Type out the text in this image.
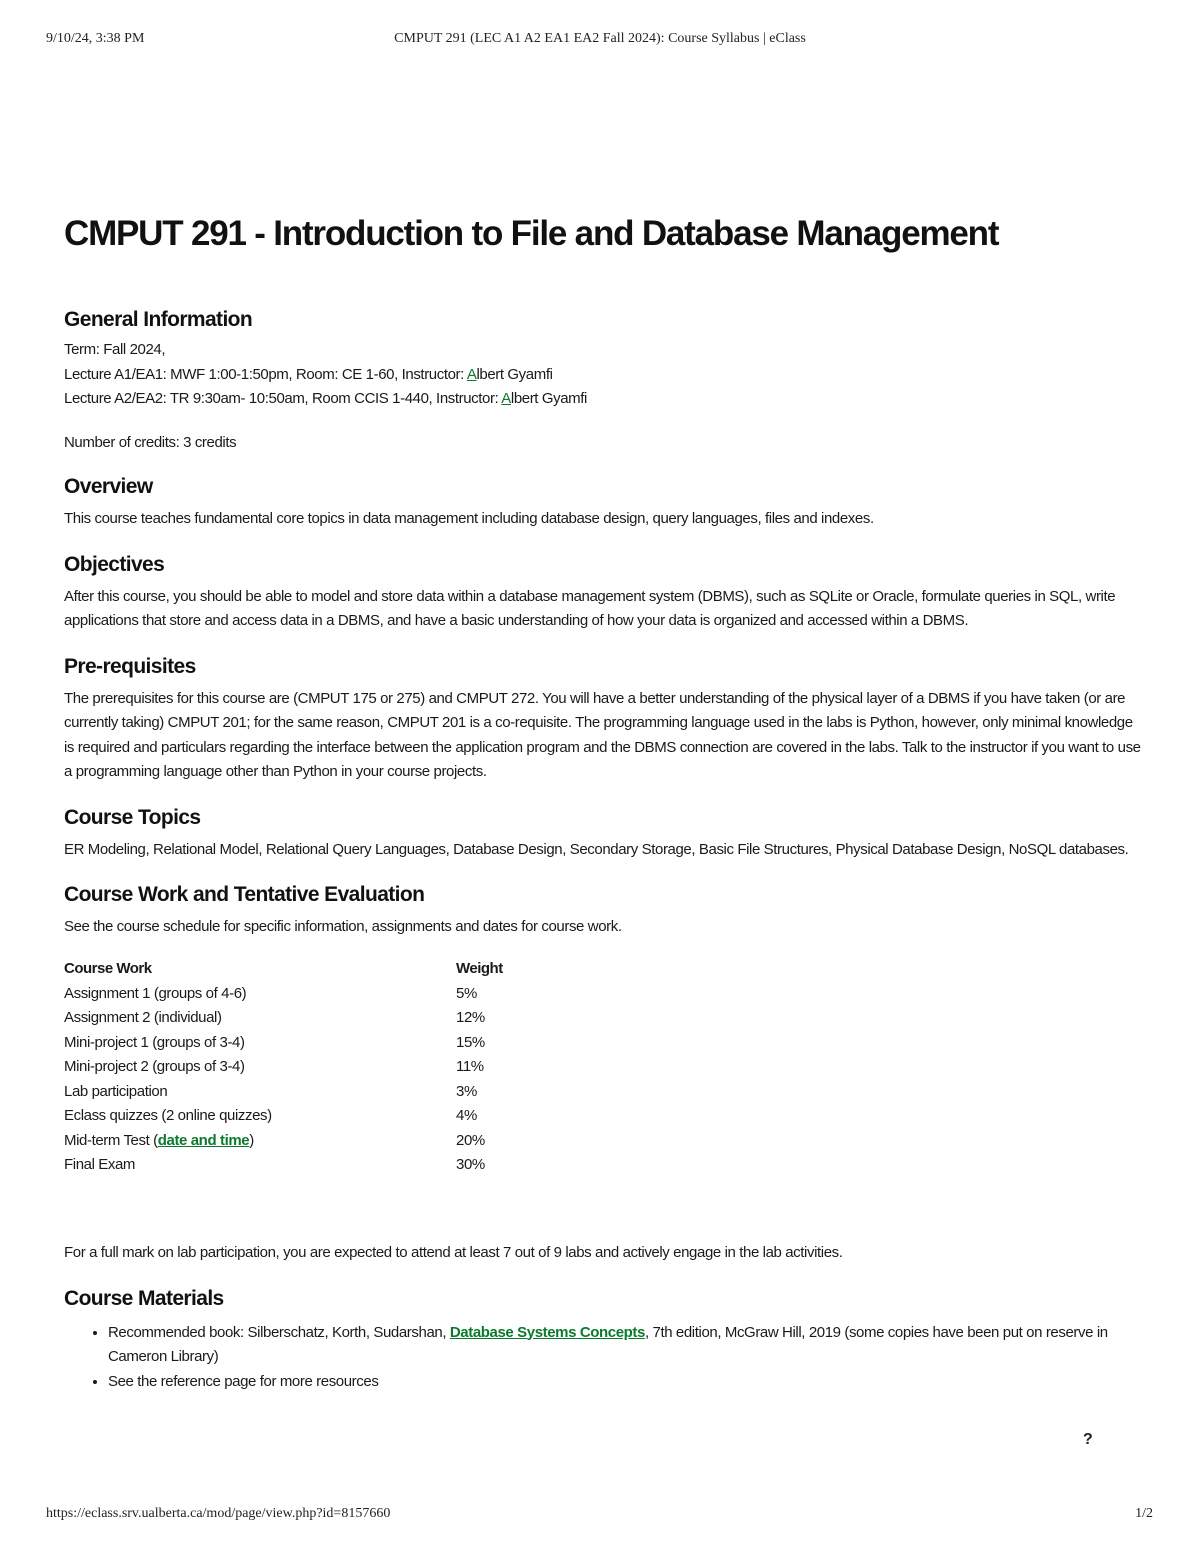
9/10/24, 3:38 PM	CMPUT 291 (LEC A1 A2 EA1 EA2 Fall 2024): Course Syllabus | eClass
CMPUT 291 - Introduction to File and Database Management
General Information

Term: Fall 2024,

Lecture A1/EA1: MWF 1:00-1:50pm, Room: CE 1-60, Instructor: Albert Gyamfi

Lecture A2/EA2: TR 9:30am- 10:50am, Room CCIS 1-440, Instructor: Albert Gyamfi

Number of credits: 3 credits

Overview

This course teaches fundamental core topics in data management including database design, query languages, files and indexes.

Objectives

After this course, you should be able to model and store data within a database management system (DBMS), such as SQLite or Oracle, formulate queries in SQL, write applications that store and access data in a DBMS, and have a basic understanding of how your data is organized and accessed within a DBMS.

Pre-requisites

The prerequisites for this course are (CMPUT 175 or 275) and CMPUT 272. You will have a better understanding of the physical layer of a DBMS if you have taken (or are currently taking) CMPUT 201; for the same reason, CMPUT 201 is a co-requisite. The programming language used in the labs is Python, however, only minimal knowledge is required and particulars regarding the interface between the application program and the DBMS connection are covered in the labs. Talk to the instructor if you want to use a programming language other than Python in your course projects.

Course Topics

ER Modeling, Relational Model, Relational Query Languages, Database Design, Secondary Storage, Basic File Structures, Physical Database Design, NoSQL databases.

Course Work and Tentative Evaluation

See the course schedule for specific information, assignments and dates for course work.

Course Work	Weight
Assignment 1 (groups of 4-6)	5%
Assignment 2 (individual)	12%
Mini-project 1 (groups of 3-4)	15%
Mini-project 2 (groups of 3-4)	11%
Lab participation	3%
Eclass quizzes (2 online quizzes)	4%
Mid-term Test (date and time)	20%
Final Exam	30%

For a full mark on lab participation, you are expected to attend at least 7 out of 9 labs and actively engage in the lab activities.

Course Materials
• Recommended book: Silberschatz, Korth, Sudarshan, Database Systems Concepts, 7th edition, McGraw Hill, 2019 (some copies have been put on reserve in Cameron Library)
• See the reference page for more resources
?
https://eclass.srv.ualberta.ca/mod/page/view.php?id=8157660	1/2
